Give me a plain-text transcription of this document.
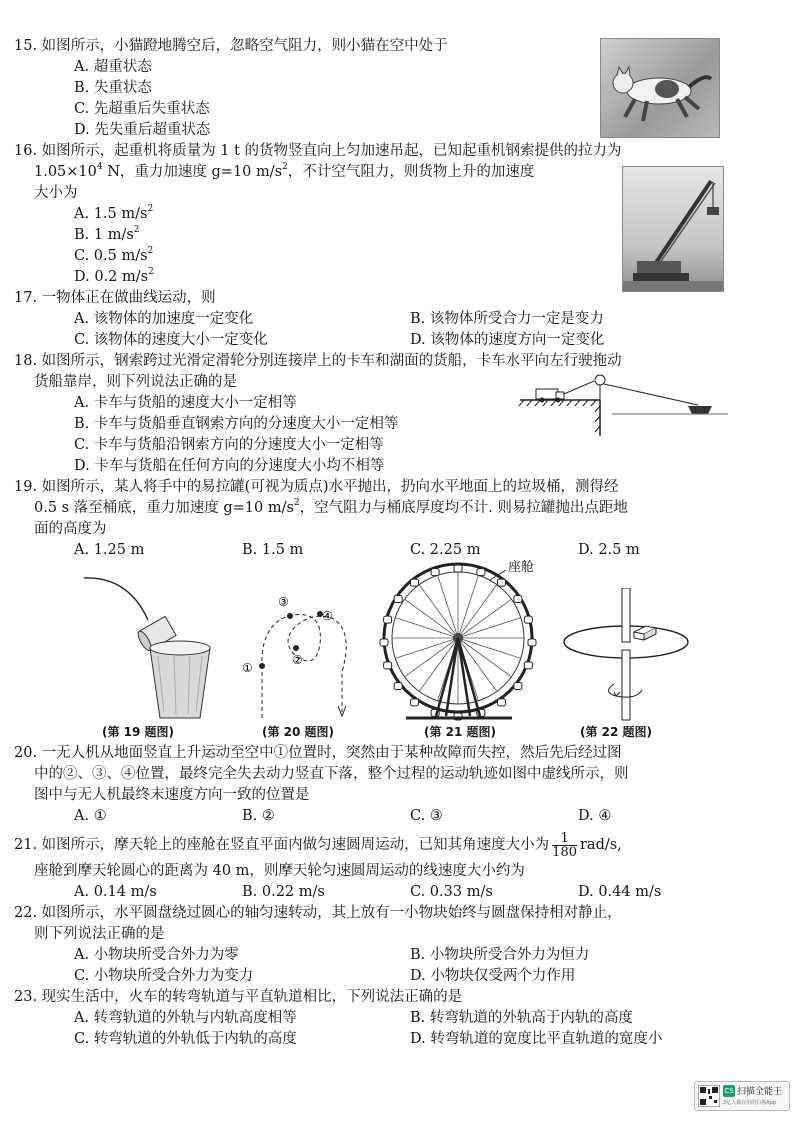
15. 如图所示，小猫蹬地腾空后，忽略空气阻力，则小猫在空中处于
A. 超重状态
B. 失重状态
C. 先超重后失重状态
D. 先失重后超重状态
16. 如图所示，起重机将质量为 1 t 的货物竖直向上匀加速吊起，已知起重机钢索提供的拉力为
$1.05\times 10^4$ N，重力加速度 g=10 $m/s^2$，不计空气阻力，则货物上升的加速度
大小为
A. 1.5 $m/s^2$
B. 1 $m/s^2$
C. 0.5 $m/s^2$
D. 0.2 $m/s^2$
17. 一物体正在做曲线运动，则
A. 该物体的加速度一定变化	B. 该物体所受合力一定是变力
C. 该物体的速度大小一定变化	D. 该物体的速度方向一定变化
18. 如图所示，钢索跨过光滑定滑轮分别连接岸上的卡车和湖面的货船，卡车水平向左行驶拖动
货船靠岸，则下列说法正确的是
A. 卡车与货船的速度大小一定相等
B. 卡车与货船垂直钢索方向的分速度大小一定相等
C. 卡车与货船沿钢索方向的分速度大小一定相等
D. 卡车与货船在任何方向的分速度大小均不相等
19. 如图所示，某人将手中的易拉罐(可视为质点)水平抛出，扔向水平地面上的垃圾桶，测得经
0.5 s 落至桶底，重力加速度 g=10 $m/s^2$，空气阻力与桶底厚度均不计. 则易拉罐抛出点距地
面的高度为
A. 1.25 m	B. 1.5 m	C. 2.25 m	D. 2.5 m
(第 19 题图)
①
②
③
④
(第 20 题图)
座舱
(第 21 题图)	(第 22 题图)
20. 一无人机从地面竖直上升运动至空中①位置时，突然由于某种故障而失控，然后先后经过图
中的②、③、④位置，最终完全失去动力竖直下落，整个过程的运动轨迹如图中虚线所示，则
图中与无人机最终末速度方向一致的位置是
A. ①	B. ②	C. ③	D. ④
21. 如图所示，摩天轮上的座舱在竖直平面内做匀速圆周运动，已知其角速度大小为 $\frac{1}{180} rad/s$,
座舱到摩天轮圆心的距离为 40 m，则摩天轮匀速圆周运动的线速度大小约为
A. 0.14 m/s	B. 0.22 m/s	C. 0.33 m/s	D. 0.44 m/s
22. 如图所示，水平圆盘绕过圆心的轴匀速转动，其上放有一小物块始终与圆盘保持相对静止，
则下列说法正确的是
A. 小物块所受合外力为零	B. 小物块所受合外力为恒力
C. 小物块所受合外力为变力	D. 小物块仅受两个力作用
23. 现实生活中，火车的转弯轨道与平直轨道相比，下列说法正确的是
A. 转弯轨道的外轨与内轨高度相等	B. 转弯轨道的外轨高于内轨的高度
C. 转弯轨道的外轨低于内轨的高度	D. 转弯轨道的宽度比平直轨道的宽度小
CS 扫描全能王
3亿人都在用的扫描App
